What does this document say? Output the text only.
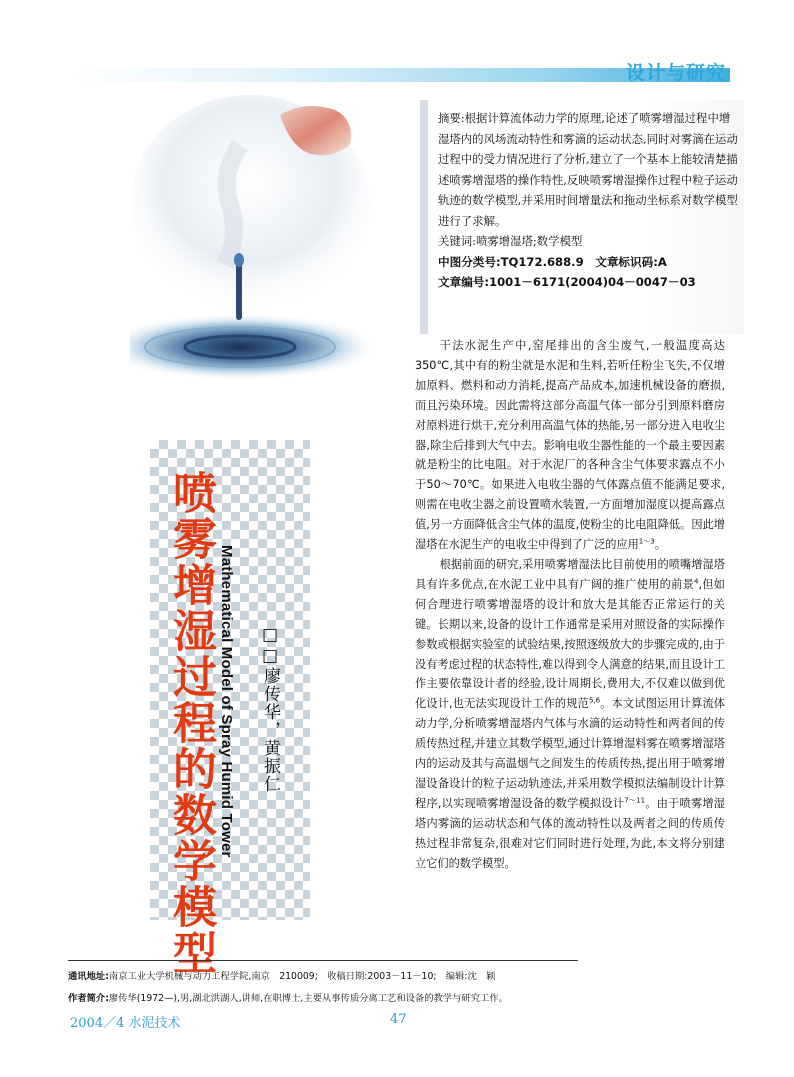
设计与研究
喷雾增湿过程的数学模型 Mathematical Model of Spray Humid Tower □□廖传华，黄振仁

摘要:根据计算流体动力学的原理,论述了喷雾增湿过程中增湿塔内的风场流动特性和雾滴的运动状态,同时对雾滴在运动过程中的受力情况进行了分析,建立了一个基本上能较清楚描述喷雾增湿塔的操作特性,反映喷雾增湿操作过程中粒子运动轨迹的数学模型,并采用时间增量法和拖动坐标系对数学模型进行了求解。

关键词:喷雾增湿塔;数学模型

中图分类号:TQ172.688.9　文章标识码:A

文章编号:1001－6171(2004)04－0047－03

干法水泥生产中,窑尾排出的含尘废气,一般温度高达350℃,其中有的粉尘就是水泥和生料,若听任粉尘飞失,不仅增加原料、燃料和动力消耗,提高产品成本,加速机械设备的磨损,而且污染环境。因此需将这部分高温气体一部分引到原料磨房对原料进行烘干,充分利用高温气体的热能,另一部分进入电收尘器,除尘后排到大气中去。影响电收尘器性能的一个最主要因素就是粉尘的比电阻。对于水泥厂的各种含尘气体要求露点不小于50～70℃。如果进入电收尘器的气体露点值不能满足要求,则需在电收尘器之前设置喷水装置,一方面增加湿度以提高露点值,另一方面降低含尘气体的温度,使粉尘的比电阻降低。因此增湿塔在水泥生产的电收尘中得到了广泛的应用$^{1\sim 3}$。

根据前面的研究,采用喷雾增湿法比目前使用的喷嘴增湿塔具有许多优点,在水泥工业中具有广阔的推广使用的前景$^4$,但如何合理进行喷雾增湿塔的设计和放大是其能否正常运行的关键。长期以来,设备的设计工作通常是采用对照设备的实际操作参数或根据实验室的试验结果,按照逐级放大的步骤完成的,由于没有考虑过程的状态特性,难以得到令人满意的结果,而且设计工作主要依靠设计者的经验,设计周期长,费用大,不仅难以做到优化设计,也无法实现设计工作的规范$^{5,6}$。本文试图运用计算流体动力学,分析喷雾增湿塔内气体与水滴的运动特性和两者间的传质传热过程,并建立其数学模型,通过计算增湿料雾在喷雾增湿塔内的运动及其与高温烟气之间发生的传质传热,提出用于喷雾增湿设备设计的粒子运动轨迹法,并采用数学模拟法编制设计计算程序,以实现喷雾增湿设备的数学模拟设计$^{7\sim 11}$。由于喷雾增湿塔内雾滴的运动状态和气体的流动特性以及两者之间的传质传热过程非常复杂,很难对它们同时进行处理,为此,本文将分别建立它们的数学模型。

通讯地址:南京工业大学机械与动力工程学院,南京　210009;　收稿日期:2003－11－10;　编辑:沈　颖
作者简介:廖传华(1972—),男,湖北洪湖人,讲师,在职博士,主要从事传质分离工艺和设备的教学与研究工作。
2004／4 水泥技术	47
